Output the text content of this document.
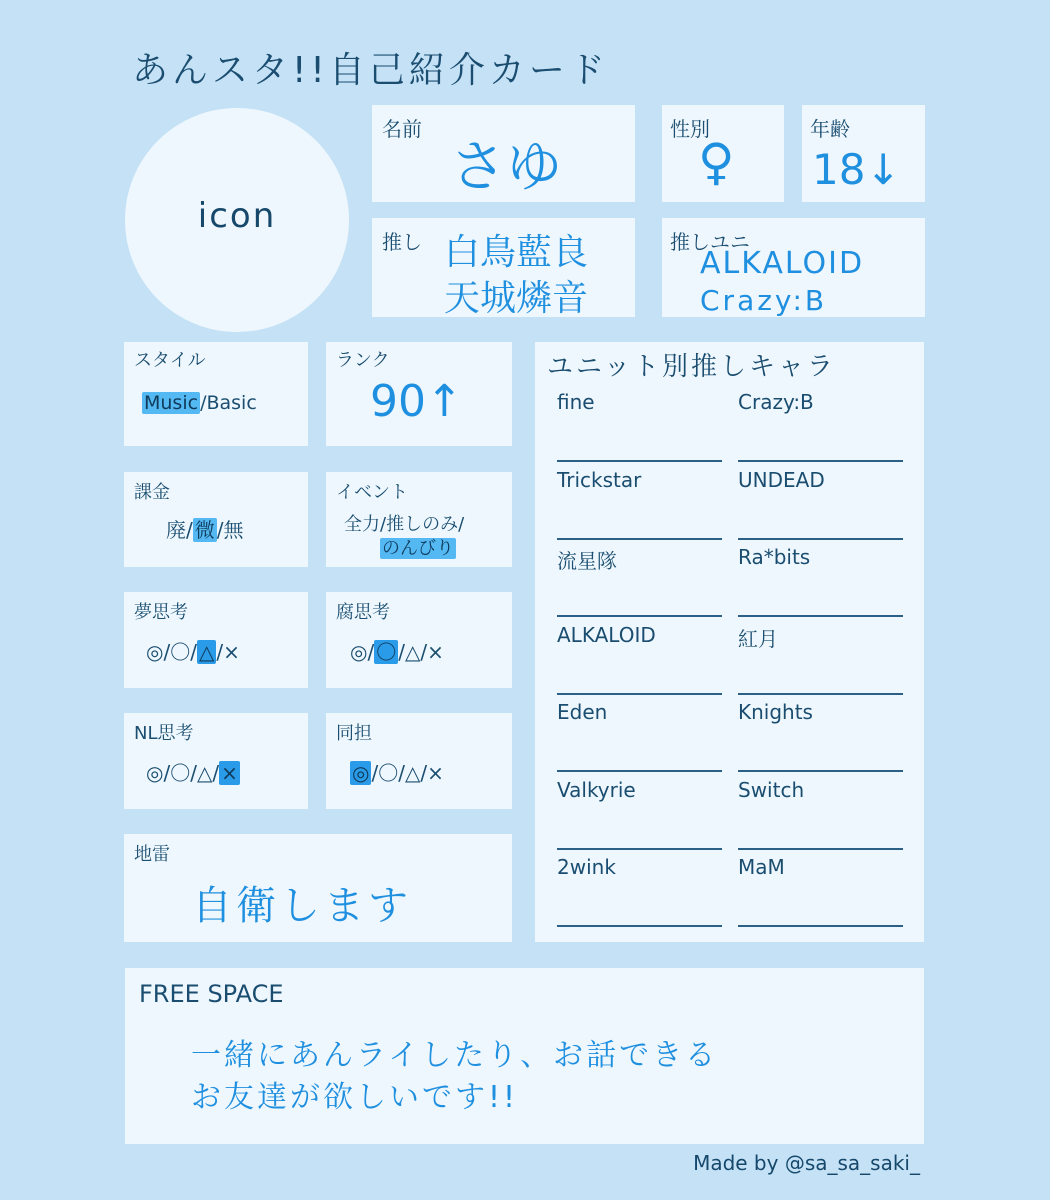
あんスタ!!自己紹介カード
icon
名前
さゆ
性別
♀
年齢
18↓
推し 白鳥藍良
天城燐音
推しユニ
ALKALOID
Crazy:B
スタイル
Music /Basic
ランク
90↑
課金
廃/ 微 /無
イベント
全力/推しのみ/
のんびり
夢思考
◎/〇/ △ /×
腐思考
◎/ 〇 /△/×
NL思考
◎/〇/△/ ×
同担
◎ /〇/△/×
地雷
自衛します
ユニット別推しキャラ
fine	Crazy:B
Trickstar	UNDEAD
流星隊	Ra*bits
ALKALOID	紅月
Eden	Knights
Valkyrie	Switch
2wink	MaM
FREE SPACE
一緒にあんライしたり、お話できる
お友達が欲しいです!!
Made by @sa_sa_saki_
